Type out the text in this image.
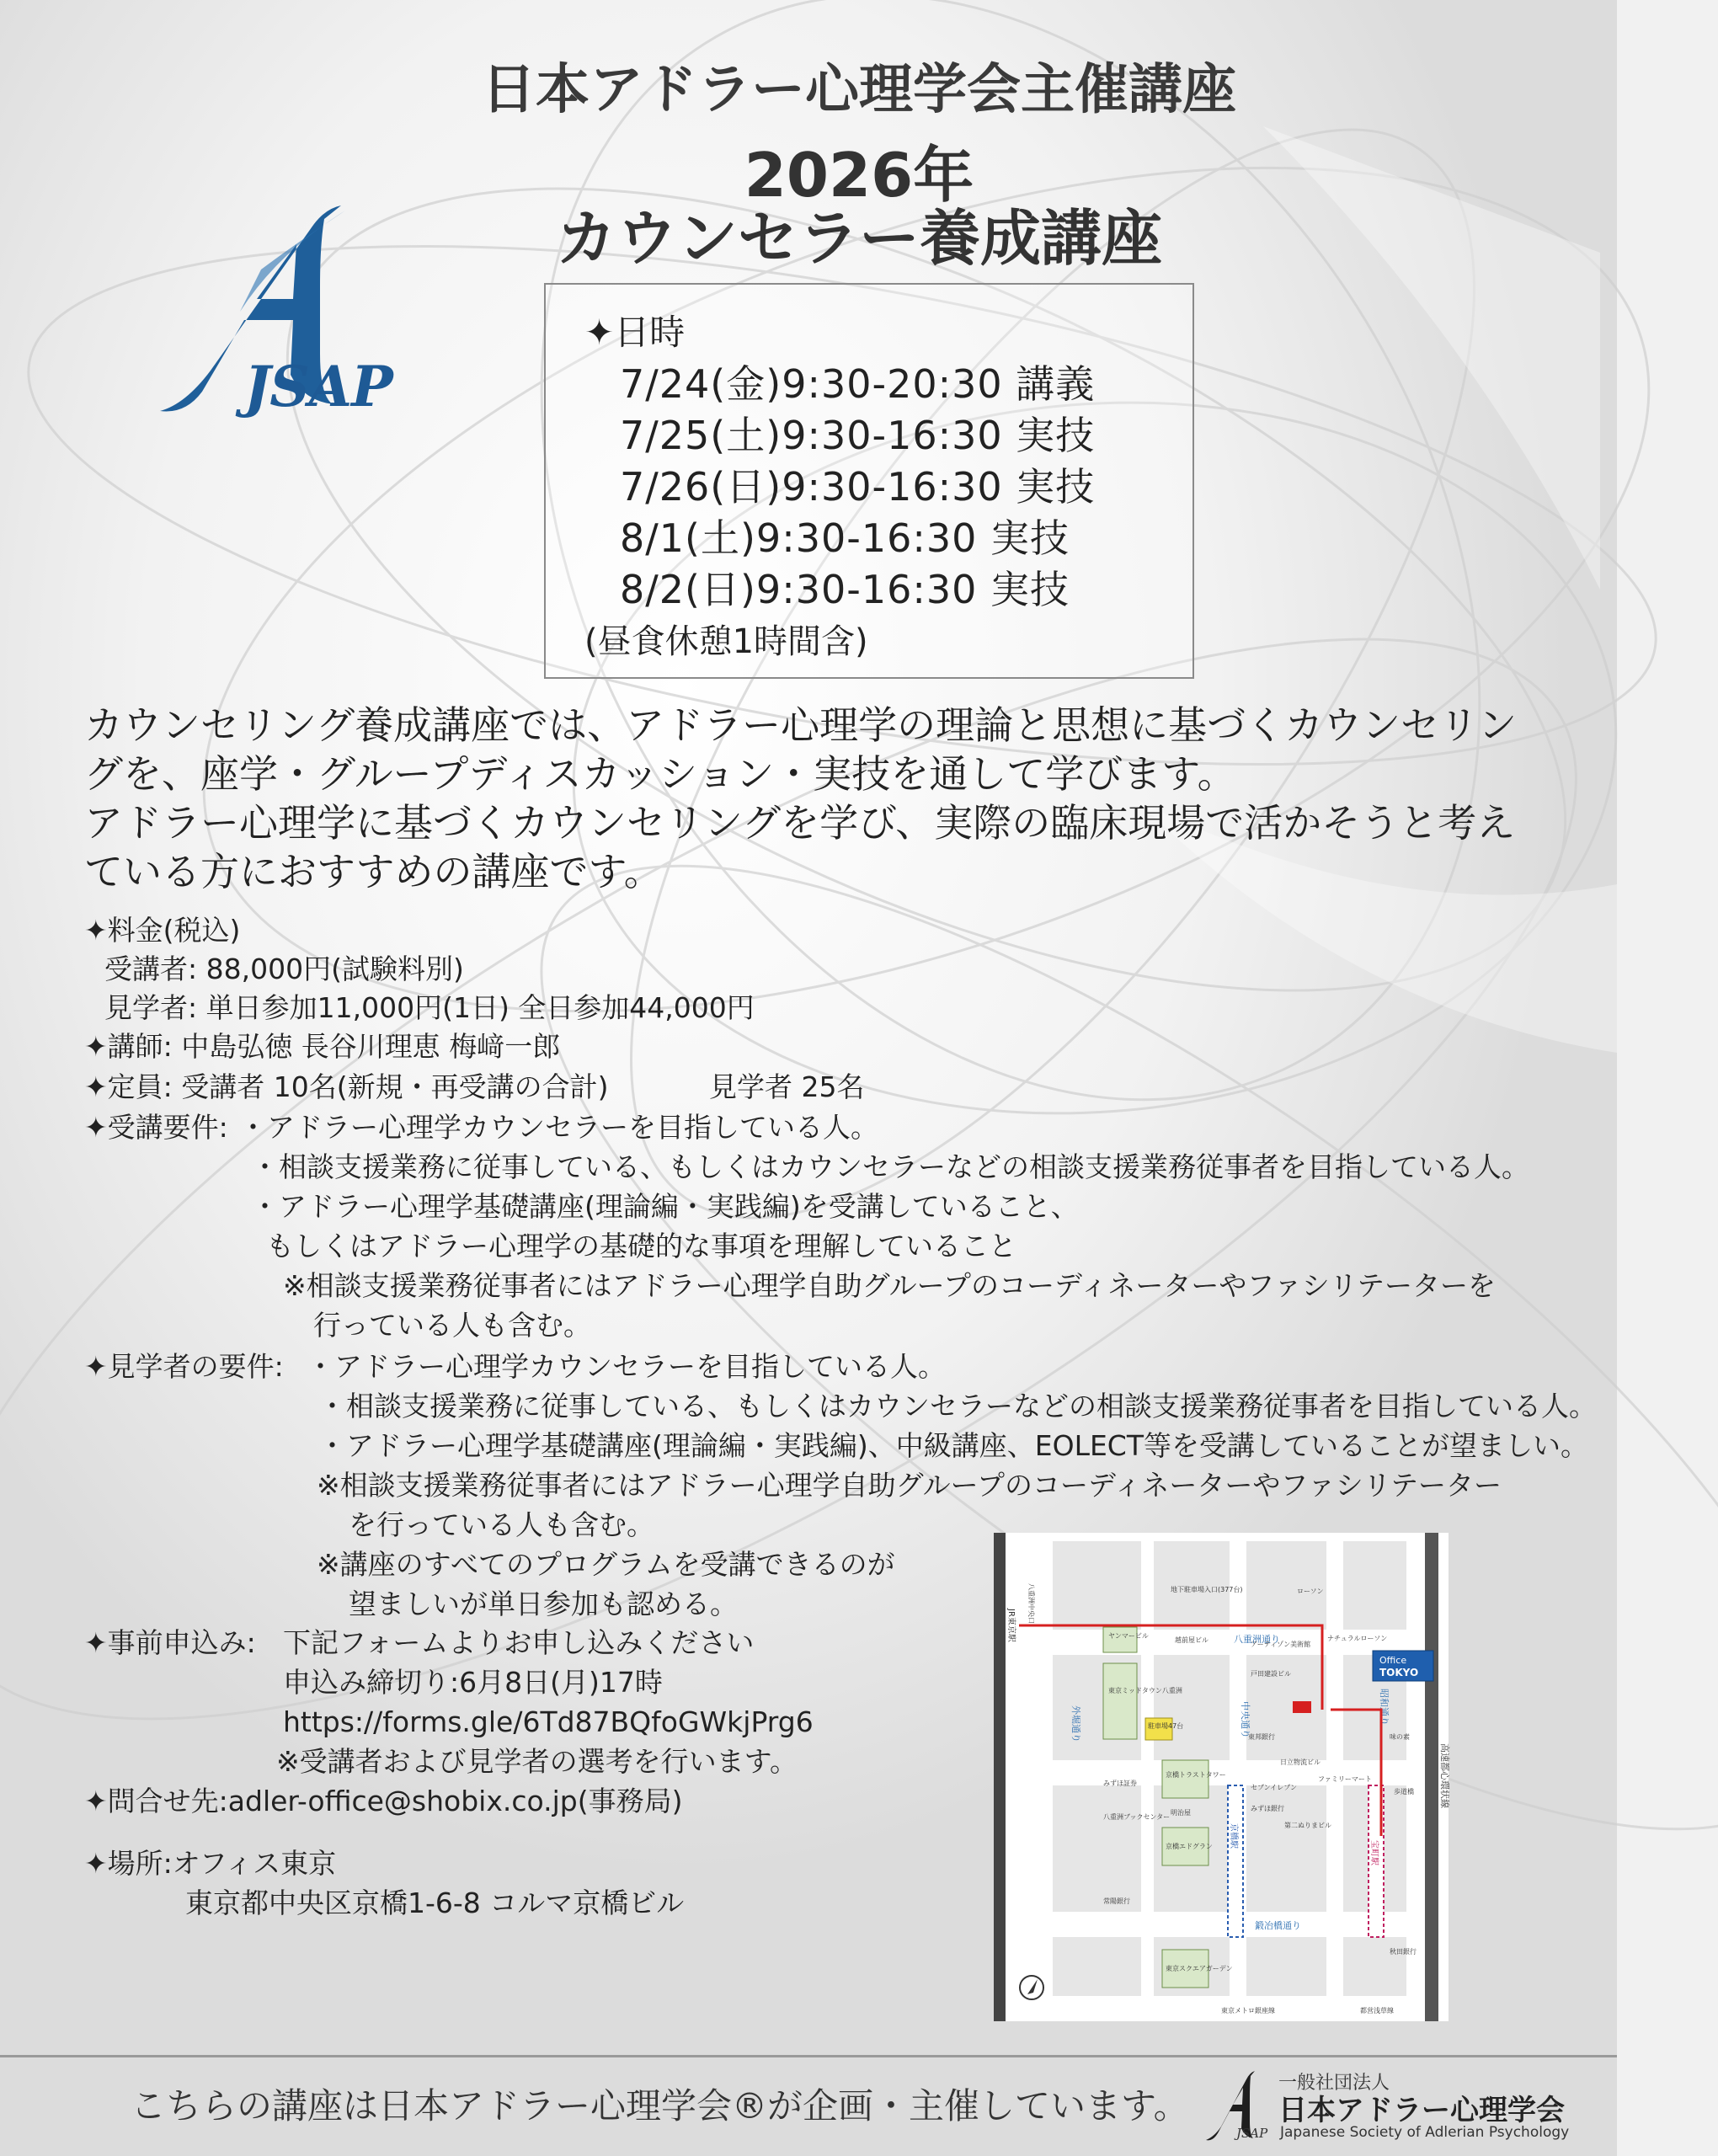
JSAP
日本アドラー心理学会主催講座
2026年
カウンセラー養成講座
✦日時
7/24(金)9:30-20:30 講義
7/25(土)9:30-16:30 実技
7/26(日)9:30-16:30 実技
8/1(土)9:30-16:30 実技
8/2(日)9:30-16:30 実技
(昼食休憩1時間含)

カウンセリング養成講座では、アドラー心理学の理論と思想に基づくカウンセリン

グを、座学・グループディスカッション・実技を通して学びます。

アドラー心理学に基づくカウンセリングを学び、実際の臨床現場で活かそうと考え

ている方におすすめの講座です。

✦料金(税込)
受講者: 88,000円(試験料別)
見学者: 単日参加11,000円(1日) 全日参加44,000円
✦講師: 中島弘徳 長谷川理恵 梅﨑一郎
✦定員: 受講者 10名(新規・再受講の合計)	見学者 25名
✦受講要件: ・アドラー心理学カウンセラーを目指している人。
・相談支援業務に従事している、もしくはカウンセラーなどの相談支援業務従事者を目指している人。
・アドラー心理学基礎講座(理論編・実践編)を受講していること、
もしくはアドラー心理学の基礎的な事項を理解していること
※相談支援業務従事者にはアドラー心理学自助グループのコーディネーターやファシリテーターを
行っている人も含む。
✦見学者の要件: ・アドラー心理学カウンセラーを目指している人。
・相談支援業務に従事している、もしくはカウンセラーなどの相談支援業務従事者を目指している人。
・アドラー心理学基礎講座(理論編・実践編)、中級講座、EOLECT等を受講していることが望ましい。
※相談支援業務従事者にはアドラー心理学自助グループのコーディネーターやファシリテーター
を行っている人も含む。
※講座のすべてのプログラムを受講できるのが
望ましいが単日参加も認める。
✦事前申込み: 下記フォームよりお申し込みください
申込み締切り:6月8日(月)17時
https://forms.gle/6Td87BQfoGWkjPrg6
※受講者および見学者の選考を行います。
✦問合せ先:adler-office@shobix.co.jp(事務局)
✦場所:オフィス東京
東京都中央区京橋1-6-8 コルマ京橋ビル
外堀通り
八重洲通り
中央通り	昭和通り
鍛冶橋通り
高速都心環状線
京橋駅
宝町駅
Office
TOKYO
東京ミッドタウン八重洲
ヤンマービル
京橋トラストタワー
京橋エドグラン
東京スクエアガーデン
アーティゾン美術館
戸田建設ビル
みずほ証券
八重洲ブックセンター
明治屋
東邦銀行
ファミリーマート
日立物流ビル
セブンイレブン
みずほ銀行
第二ぬりまビル
常陽銀行
秋田銀行
歩道橋
味の素
越前屋ビル
駐車場47台
ナチュラルローソン
ローソン
地下駐車場入口(377台)
東京メトロ銀座線	都営浅草線
JR東京駅
八重洲中央口
こちらの講座は日本アドラー心理学会®が企画・主催しています。
JSAP
一般社団法人
日本アドラー心理学会
Japanese Society of Adlerian Psychology
